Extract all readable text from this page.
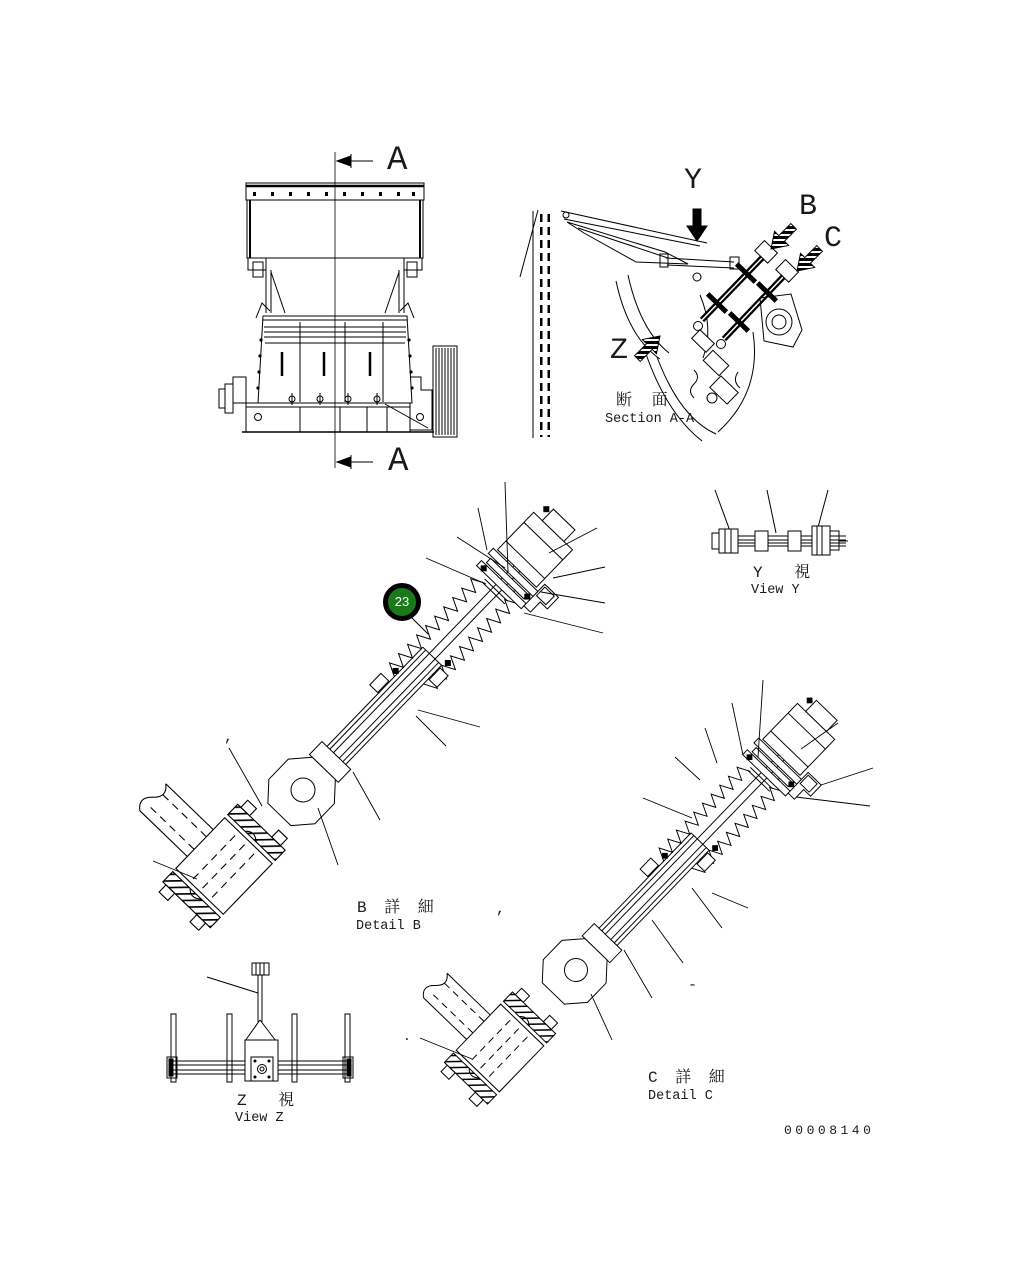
A
A
Y
B
C
Z
断 面
Section A-A
Y 視
View Y
B 詳 細
Detail B
C 詳 細
Detail C
Z 視
View Z
00008140
,
,
-
.
23
